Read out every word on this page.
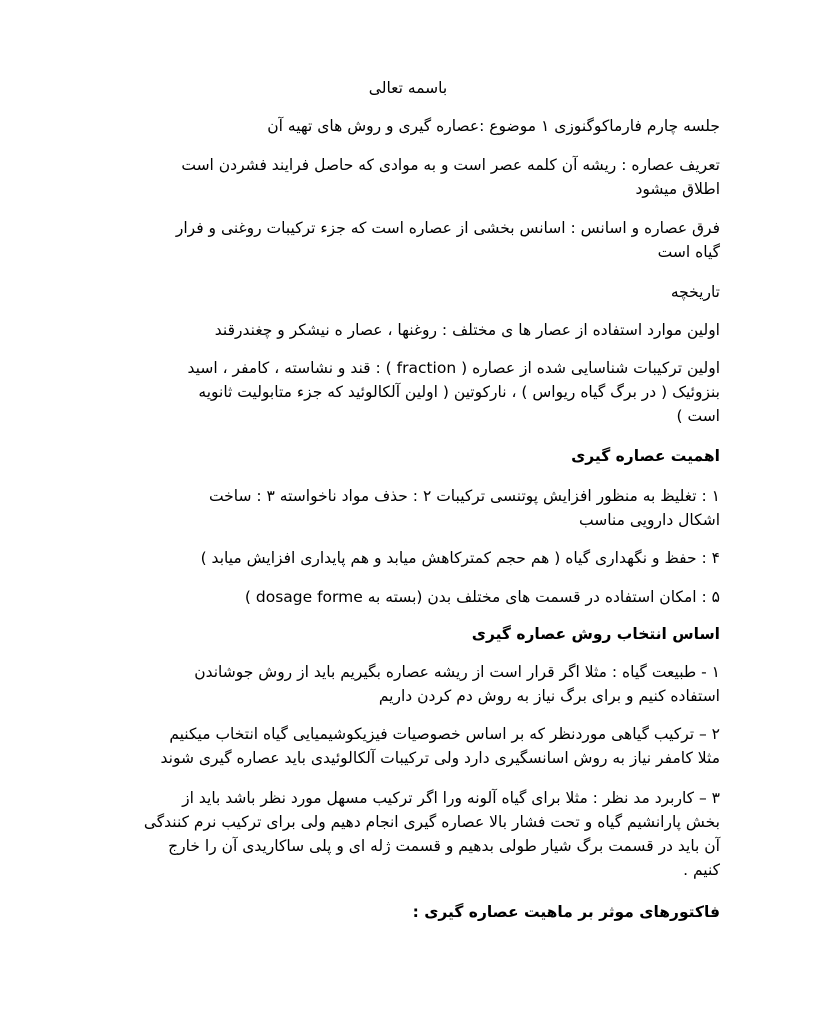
باسمه تعالی
جلسه چارم فارماکوگنوزی ۱ موضوع :عصاره گیری و روش های تهیه آن
تعریف عصاره : ریشه آن کلمه عصر است و به موادی که حاصل فرایند فشردن است
اطلاق میشود
فرق عصاره و اسانس : اسانس بخشی از عصاره است که جزء ترکیبات روغنی و فرار
گیاه است
تاریخچه
اولین موارد استفاده از عصار ها ی مختلف : روغنها ، عصار ه نیشکر و چغندرقند
اولین ترکیبات شناسایی شده از عصاره ( fraction ) : قند و نشاسته ، کامفر ، اسید
بنزوئیک ( در برگ گیاه ریواس ) ، نارکوتین ( اولین آلکالوئید که جزء متابولیت ثانویه
است )
اهمیت عصاره گیری
۱ : تغلیظ به منظور افزایش پوتنسی ترکیبات ۲ : حذف مواد ناخواسته ۳ : ساخت
اشکال دارویی مناسب
۴ : حفظ و نگهداری گیاه ( هم حجم کمترکاهش میابد و هم پایداری افزایش میابد )
۵ : امکان استفاده در قسمت های مختلف بدن (بسته به dosage forme )
اساس انتخاب روش عصاره گیری
۱ - طبیعت گیاه : مثلا اگر قرار است از ریشه عصاره بگیریم باید از روش جوشاندن
استفاده کنیم و برای برگ نیاز به روش دم کردن داریم
۲ – ترکیب گیاهی موردنظر که بر اساس خصوصیات فیزیکوشیمیایی گیاه انتخاب میکنیم
مثلا کامفر نیاز به روش اسانسگیری دارد ولی ترکیبات آلکالوئیدی باید عصاره گیری شوند
۳ – کاربرد مد نظر : مثلا برای گیاه آلونه ورا اگر ترکیب مسهل مورد نظر باشد باید از
بخش پارانشیم گیاه و تحت فشار بالا عصاره گیری انجام دهیم ولی برای ترکیب نرم کنندگی
آن باید در قسمت برگ شیار طولی بدهیم و قسمت ژله ای و پلی ساکاریدی آن را خارج
کنیم .
فاکتورهای موثر بر ماهیت عصاره گیری :
